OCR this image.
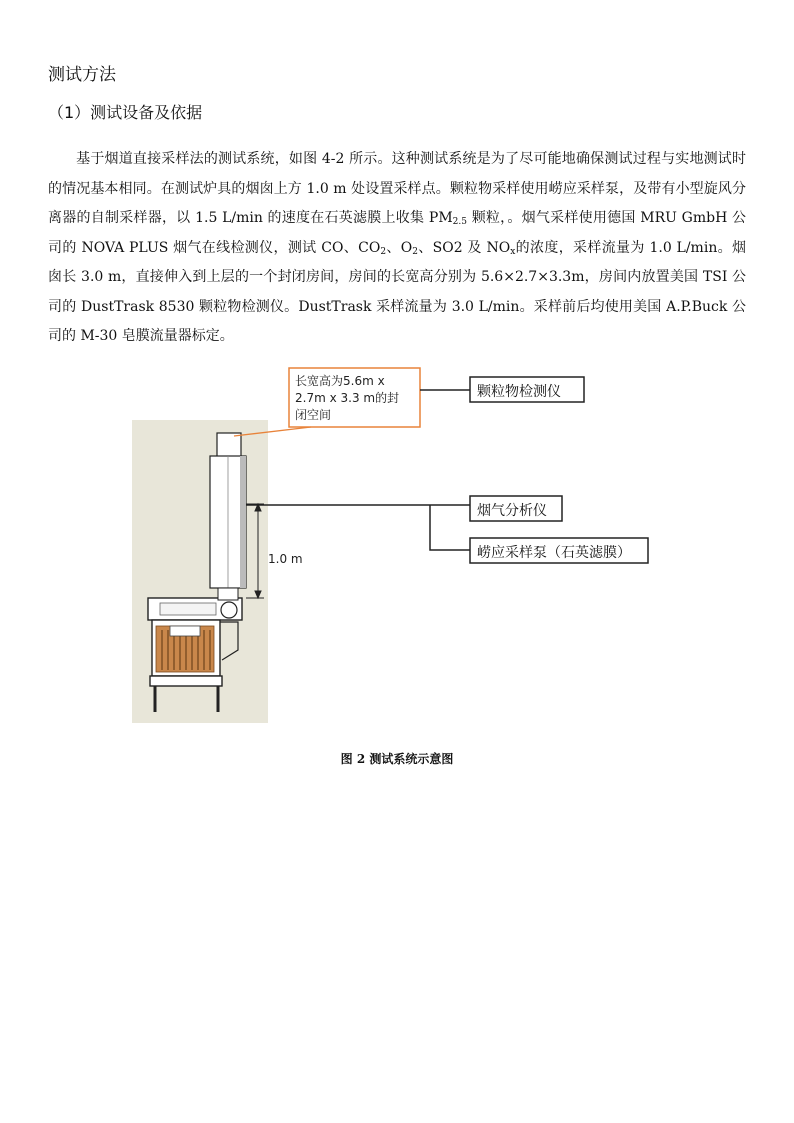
测试方法
（1）测试设备及依据

基于烟道直接采样法的测试系统，如图 4-2 所示。这种测试系统是为了尽可能地确保测试过程与实地测试时的情况基本相同。在测试炉具的烟囱上方 1.0 m 处设置采样点。颗粒物采样使用崂应采样泵，及带有小型旋风分离器的自制采样器，以 1.5 L/min 的速度在石英滤膜上收集 $PM_{2.5}$ 颗粒，。烟气采样使用德国 MRU GmbH 公司的 NOVA PLUS 烟气在线检测仪，测试 CO、$CO_2$、$O_2$、SO2 及 $NO_x$的浓度，采样流量为 1.0 L/min。烟囱长 3.0 m，直接伸入到上层的一个封闭房间，房间的长宽高分别为 5.6×2.7×3.3m，房间内放置美国 TSI 公司的 DustTrask 8530 颗粒物检测仪。DustTrask 采样流量为 3.0 L/min。采样前后均使用美国 A.P.Buck 公司的 M-30 皂膜流量器标定。

1.0 m
长宽高为5.6m x
2.7m x 3.3 m的封
闭空间
颗粒物检测仪
烟气分析仪
崂应采样泵（石英滤膜）
图 2 测试系统示意图
